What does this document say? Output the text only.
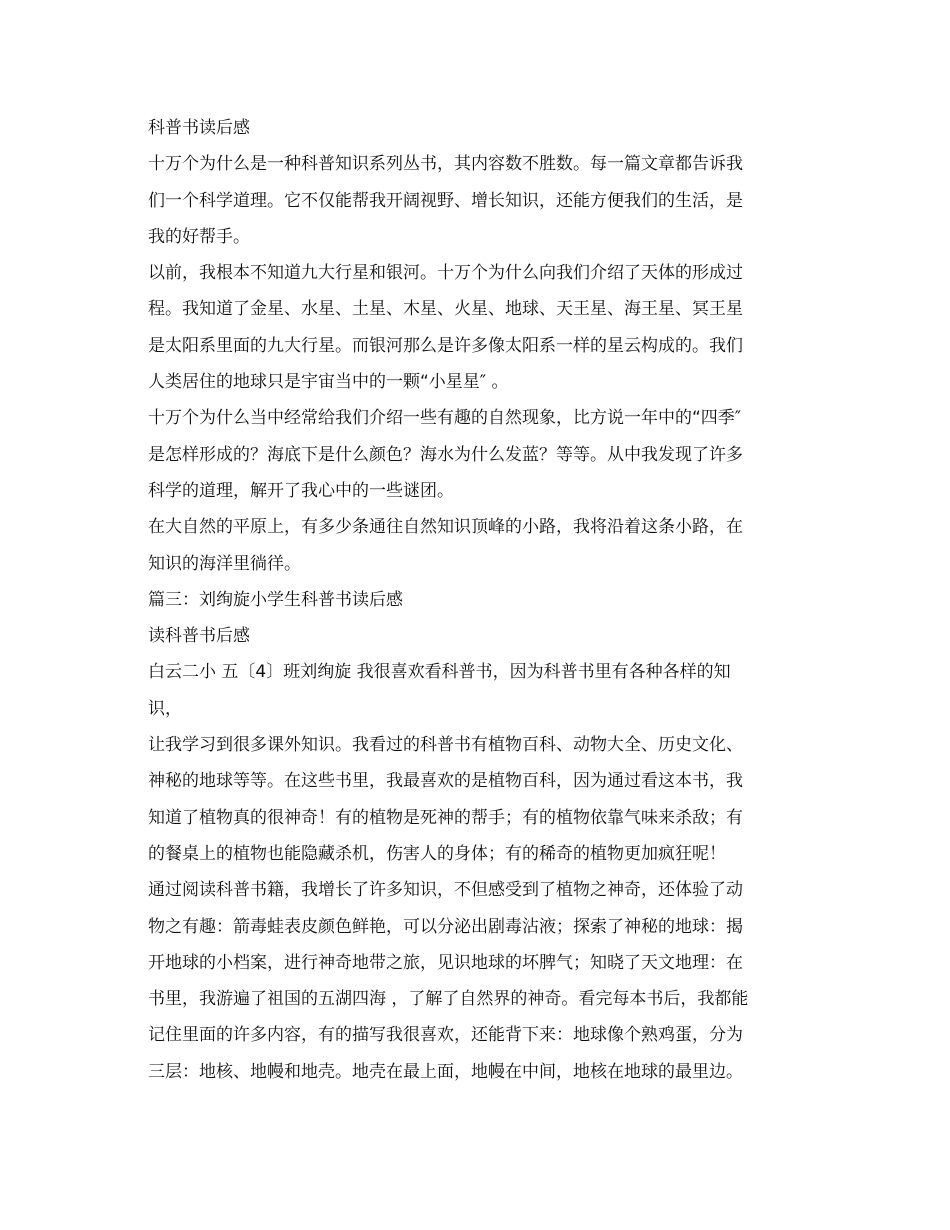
科普书读后感
十万个为什么是一种科普知识系列丛书，其内容数不胜数。每一篇文章都告诉我
们一个科学道理。它不仅能帮我开阔视野、增长知识，还能方便我们的生活，是
我的好帮手。
以前，我根本不知道九大行星和银河。十万个为什么向我们介绍了天体的形成过
程。我知道了金星、水星、土星、木星、火星、地球、天王星、海王星、冥王星
是太阳系里面的九大行星。而银河那么是许多像太阳系一样的星云构成的。我们
人类居住的地球只是宇宙当中的一颗“小星星″ 。
十万个为什么当中经常给我们介绍一些有趣的自然现象，比方说一年中的“四季″
是怎样形成的？海底下是什么颜色？海水为什么发蓝？等等。从中我发现了许多
科学的道理，解开了我心中的一些谜团。
在大自然的平原上，有多少条通往自然知识顶峰的小路，我将沿着这条小路，在
知识的海洋里徜徉。
篇三：刘绚旋小学生科普书读后感
读科普书后感
白云二小 五〔4〕班刘绚旋 我很喜欢看科普书，因为科普书里有各种各样的知
识，
让我学习到很多课外知识。我看过的科普书有植物百科、动物大全、历史文化、
神秘的地球等等。在这些书里，我最喜欢的是植物百科，因为通过看这本书，我
知道了植物真的很神奇！有的植物是死神的帮手；有的植物依靠气味来杀敌；有
的餐桌上的植物也能隐藏杀机，伤害人的身体；有的稀奇的植物更加疯狂呢！
通过阅读科普书籍，我增长了许多知识，不但感受到了植物之神奇，还体验了动
物之有趣：箭毒蛙表皮颜色鲜艳，可以分泌出剧毒沾液；探索了神秘的地球：揭
开地球的小档案，进行神奇地带之旅，见识地球的坏脾气；知晓了天文地理：在
书里，我游遍了祖国的五湖四海 ，了解了自然界的神奇。看完每本书后，我都能
记住里面的许多内容，有的描写我很喜欢，还能背下来：地球像个熟鸡蛋，分为
三层：地核、地幔和地壳。地壳在最上面，地幔在中间，地核在地球的最里边。
